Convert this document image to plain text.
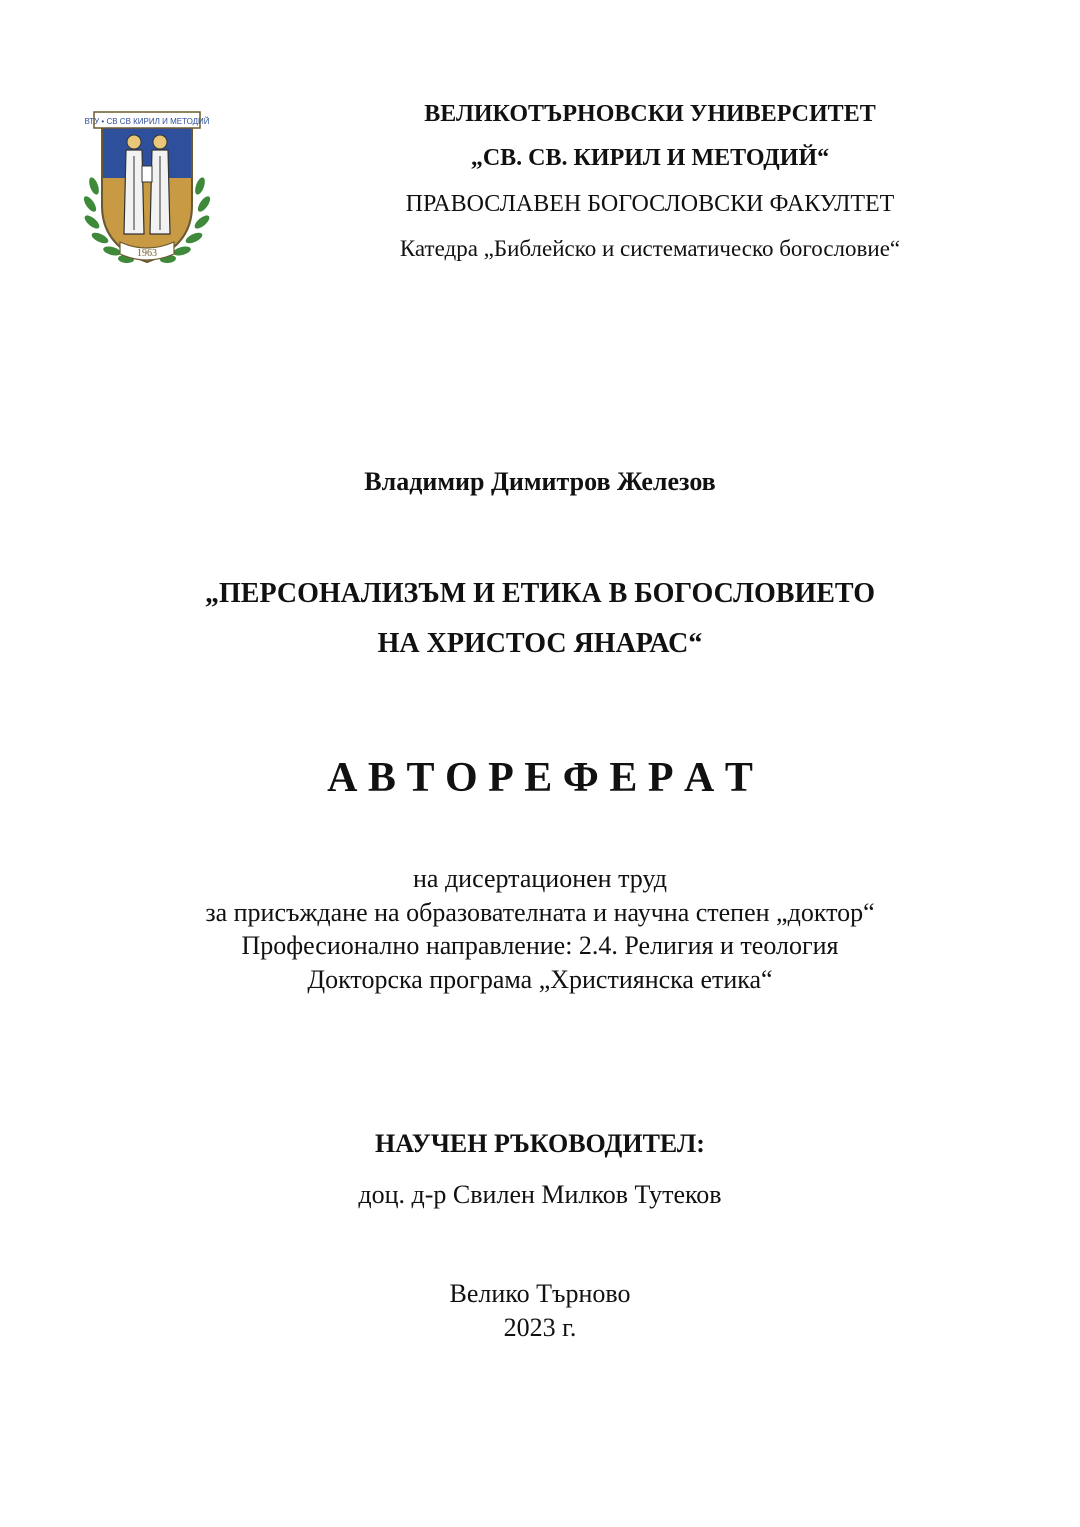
ВТУ • СВ СВ КИРИЛ И МЕТОДИЙ
1963
ВЕЛИКОТЪРНОВСКИ УНИВЕРСИТЕТ
„СВ. СВ. КИРИЛ И МЕТОДИЙ“
ПРАВОСЛАВЕН БОГОСЛОВСКИ ФАКУЛТЕТ
Катедра „Библейско и систематическо богословие“
Владимир Димитров Железов
„ПЕРСОНАЛИЗЪМ И ЕТИКА В БОГОСЛОВИЕТО
НА ХРИСТОС ЯНАРАС“
А В Т О Р Е Ф Е Р А Т
на дисертационен труд
за присъждане на образователната и научна степен „доктор“
Професионално направление: 2.4. Религия и теология
Докторска програма „Християнска етика“
НАУЧЕН РЪКОВОДИТЕЛ:
доц. д-р Свилен Милков Тутеков
Велико Търново
2023 г.
